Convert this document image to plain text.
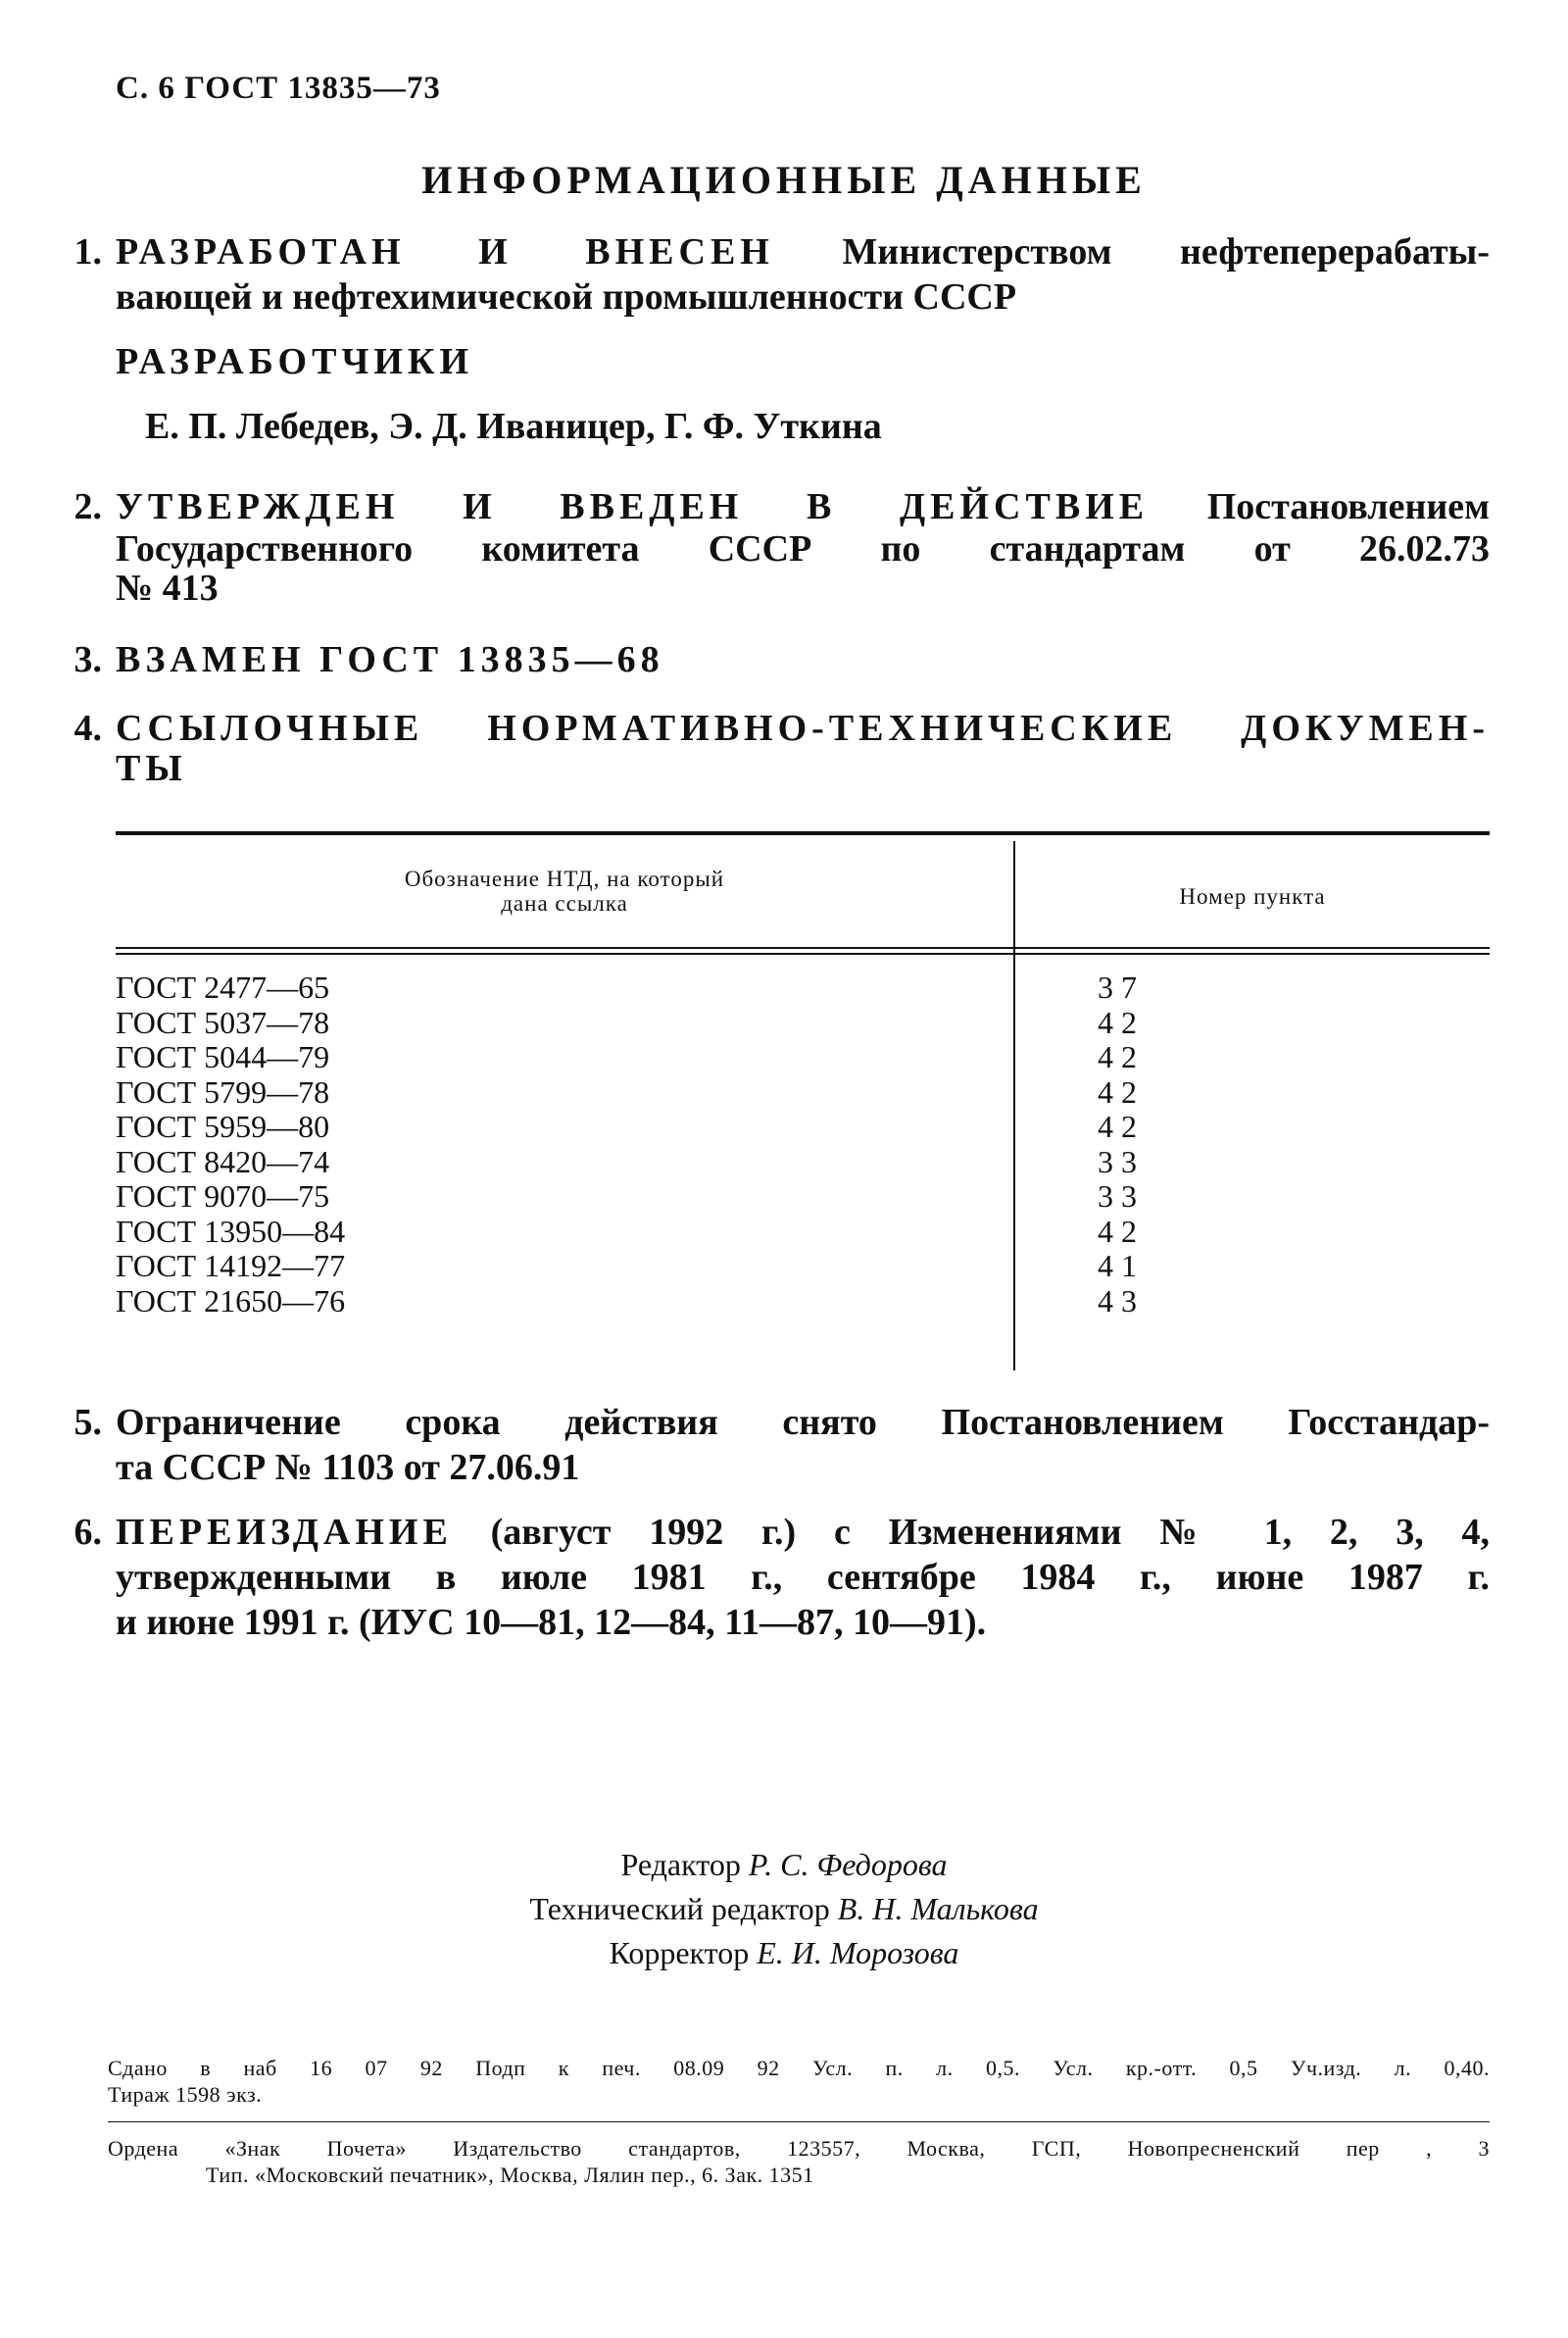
С. 6 ГОСТ 13835—73
ИНФОРМАЦИОННЫЕ ДАННЫЕ
1. РАЗРАБОТАН И ВНЕСЕН Министерством нефтеперерабаты-
вающей и нефтехимической промышленности СССР
РАЗРАБОТЧИКИ
Е. П. Лебедев, Э. Д. Иваницер, Г. Ф. Уткина
2. УТВЕРЖДЕН И ВВЕДЕН В ДЕЙСТВИЕ Постановлением
Государственного комитета СССР по стандартам от 26.02.73
№ 413
3. ВЗАМЕН ГОСТ 13835—68
4. ССЫЛОЧНЫЕ НОРМАТИВНО-ТЕХНИЧЕСКИЕ ДОКУМЕН-
ТЫ
Обозначение НТД, на который
дана ссылка	Номер пункта
ГОСТ 2477—65	3 7
ГОСТ 5037—78	4 2
ГОСТ 5044—79	4 2
ГОСТ 5799—78	4 2
ГОСТ 5959—80	4 2
ГОСТ 8420—74	3 3
ГОСТ 9070—75	3 3
ГОСТ 13950—84	4 2
ГОСТ 14192—77	4 1
ГОСТ 21650—76	4 3
5. Ограничение срока действия снято Постановлением Госстандар-
та СССР № 1103 от 27.06.91
6. ПЕРЕИЗДАНИЕ (август 1992 г.) с Изменениями № 1, 2, 3, 4,
утвержденными в июле 1981 г., сентябре 1984 г., июне 1987 г.
и июне 1991 г. (ИУС 10—81, 12—84, 11—87, 10—91).
Редактор Р. С. Федорова
Технический редактор В. Н. Малькова
Корректор Е. И. Морозова
Сдано в наб 16 07 92 Подп к печ. 08.09 92 Усл. п. л. 0,5. Усл. кр.-отт. 0,5 Уч.изд. л. 0,40.
Тираж 1598 экз.
Ордена «Знак Почета» Издательство стандартов, 123557, Москва, ГСП, Новопресненский пер , 3
Тип. «Московский печатник», Москва, Лялин пер., 6. Зак. 1351
